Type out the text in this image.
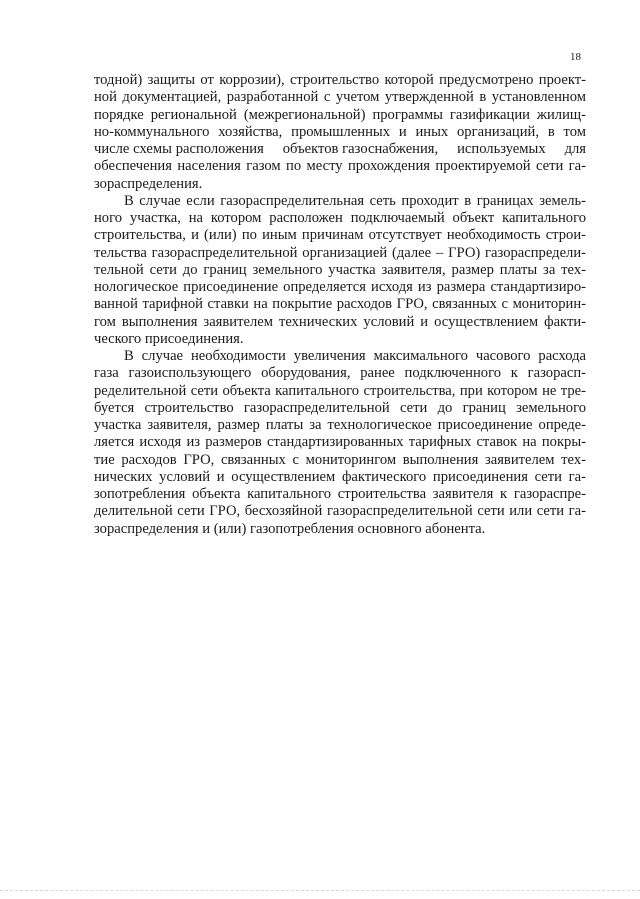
18
тодной) защиты от коррозии), строительство которой предусмотрено проект-
ной документацией, разработанной с учетом утвержденной в установленном
порядке региональной (межрегиональной) программы газификации жилищ-
но-коммунального хозяйства, промышленных и иных организаций, в том
числе схемы расположения     объектов газоснабжения,     используемых     для
обеспечения населения газом по месту прохождения проектируемой сети га-
зораспределения.
В случае если газораспределительная сеть проходит в границах земель-
ного участка, на котором расположен подключаемый объект капитального
строительства, и (или) по иным причинам отсутствует необходимость строи-
тельства газораспределительной организацией (далее – ГРО) газораспредели-
тельной сети до границ земельного участка заявителя, размер платы за тех-
нологическое присоединение определяется исходя из размера стандартизиро-
ванной тарифной ставки на покрытие расходов ГРО, связанных с мониторин-
гом выполнения заявителем технических условий и осуществлением факти-
ческого присоединения.
В случае необходимости увеличения максимального часового расхода
газа газоиспользующего оборудования, ранее подключенного к газорасп-
ределительной сети объекта капитального строительства, при котором не тре-
буется строительство газораспределительной сети до границ земельного
участка заявителя, размер платы за технологическое присоединение опреде-
ляется исходя из размеров стандартизированных тарифных ставок на покры-
тие расходов ГРО, связанных с мониторингом выполнения заявителем тех-
нических условий и осуществлением фактического присоединения сети га-
зопотребления объекта капитального строительства заявителя к газораспре-
делительной сети ГРО, бесхозяйной газораспределительной сети или сети га-
зораспределения и (или) газопотребления основного абонента.
